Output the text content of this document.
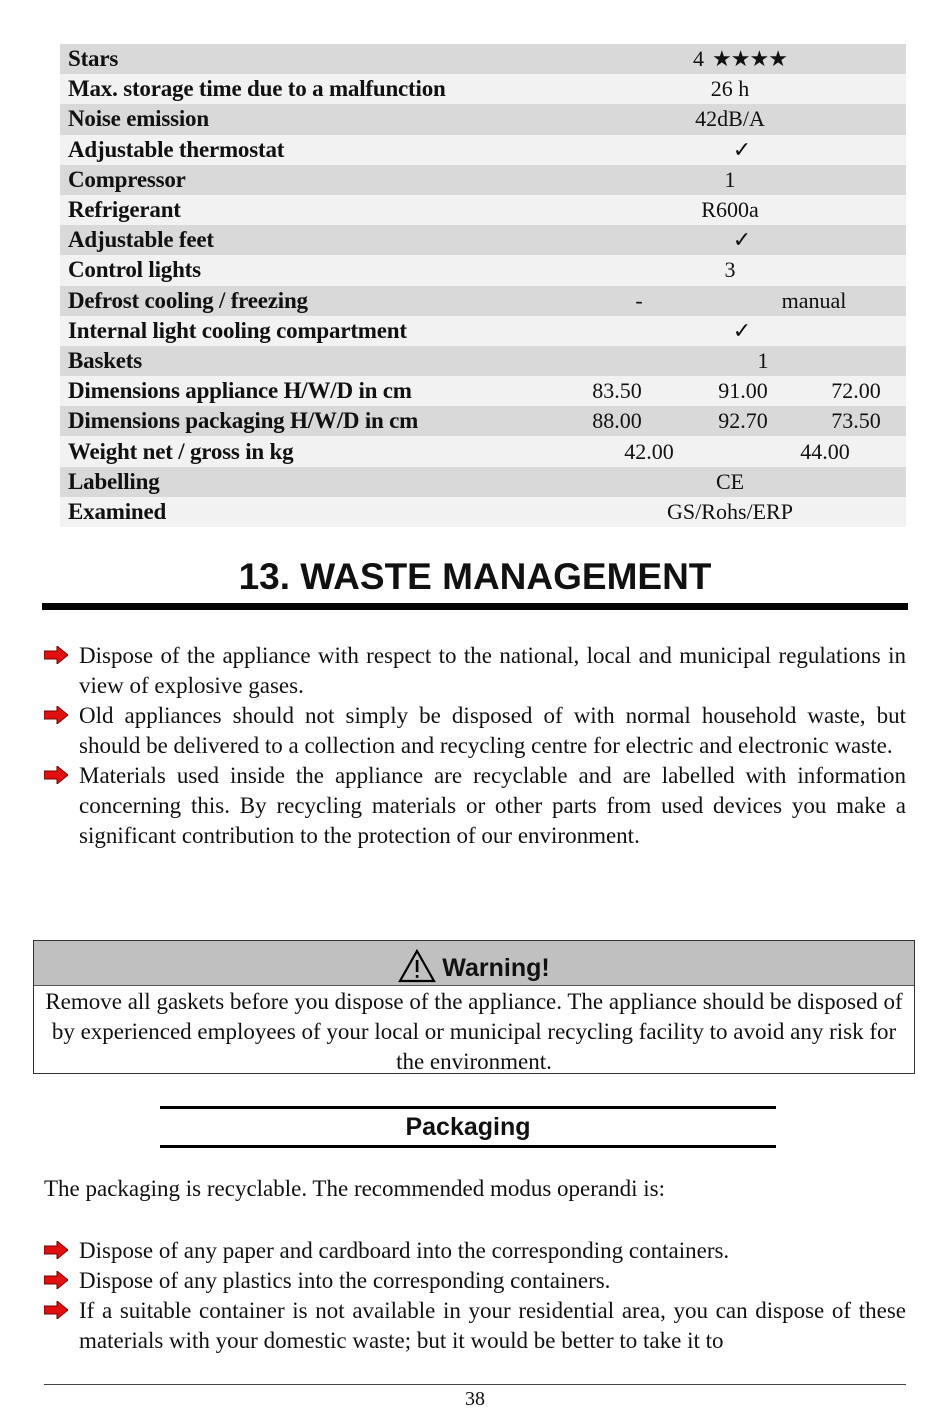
Stars	4 ★★★★
Max. storage time due to a malfunction	26 h
Noise emission	42dB/A
Adjustable thermostat	✓
Compressor	1
Refrigerant	R600a
Adjustable feet	✓
Control lights	3
Defrost cooling / freezing	-	manual
Internal light cooling compartment	✓
Baskets	1
Dimensions appliance H/W/D in cm	83.50	91.00	72.00
Dimensions packaging H/W/D in cm	88.00	92.70	73.50
Weight net / gross in kg	42.00	44.00
Labelling	CE
Examined	GS/Rohs/ERP
13. WASTE MANAGEMENT
Dispose of the appliance with respect to the national, local and municipal regulations in view of explosive gases.
Old appliances should not simply be disposed of with normal household waste, but should be delivered to a collection and recycling centre for electric and electronic waste.
Materials used inside the appliance are recyclable and are labelled with information concerning this. By recycling materials or other parts from used devices you make a significant contribution to the protection of our environment.
Warning!
Remove all gaskets before you dispose of the appliance. The appliance should be disposed of by experienced employees of your local or municipal recycling facility to avoid any risk for the environment.
Packaging
The packaging is recyclable. The recommended modus operandi is:
Dispose of any paper and cardboard into the corresponding containers.
Dispose of any plastics into the corresponding containers.
If a suitable container is not available in your residential area, you can dispose of these materials with your domestic waste; but it would be better to take it to
38
